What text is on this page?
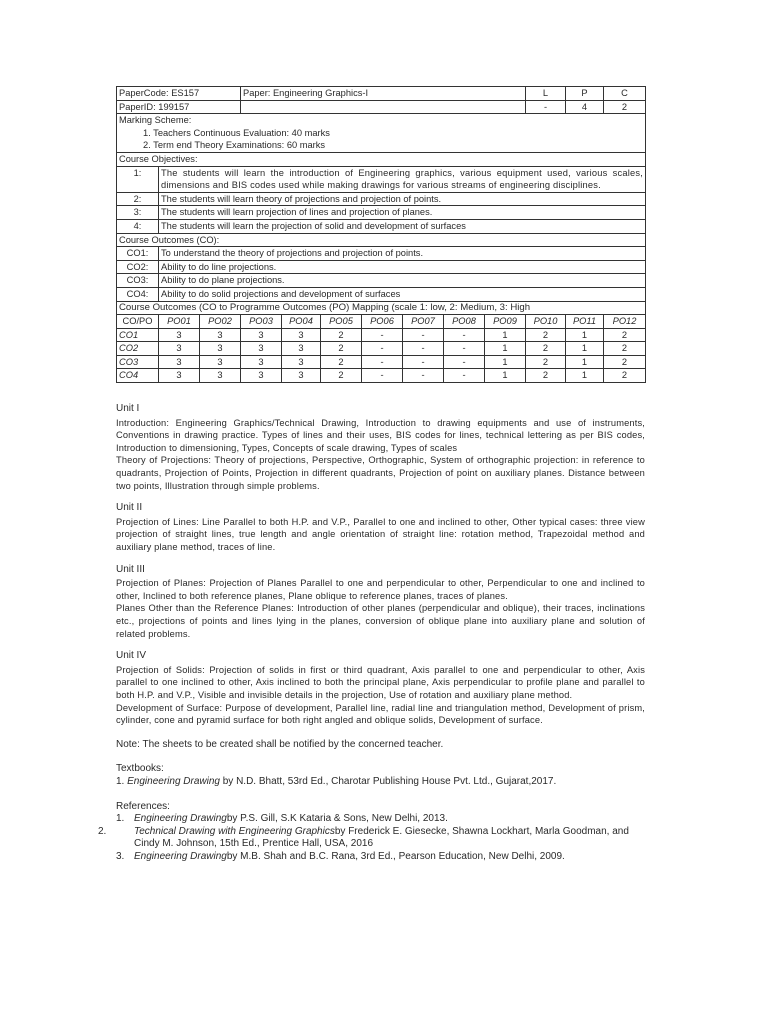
PaperCode: ES157			Paper: Engineering Graphics-I							L	P	C
PaperID: 199157										-	4	2

Marking Scheme:
1. Teachers Continuous Evaluation: 40 marks
2. Term end Theory Examinations: 60 marks												

Course Objectives:												
1:	The students will learn the introduction of Engineering graphics, various equipment used, various scales, dimensions and BIS codes used while making drawings for various streams of engineering disciplines.											
2:	The students will learn theory of projections and projection of points.											
3:	The students will learn projection of lines and projection of planes.											
4:	The students will learn the projection of solid and development of surfaces											
Course Outcomes (CO):												
CO1:	To understand the theory of projections and projection of points.											
CO2:	Ability to do line projections.											
CO3:	Ability to do plane projections.											
CO4:	Ability to do solid projections and development of surfaces											
Course Outcomes (CO to Programme Outcomes (PO) Mapping (scale 1: low, 2: Medium, 3: High												
CO/PO	PO01	PO02	PO03	PO04	PO05	PO06	PO07	PO08	PO09	PO10	PO11	PO12
CO1	3	3	3	3	2	-	-	-	1	2	1	2
CO2	3	3	3	3	2	-	-	-	1	2	1	2
CO3	3	3	3	3	2	-	-	-	1	2	1	2
CO4	3	3	3	3	2	-	-	-	1	2	1	2
Unit I

Introduction: Engineering Graphics/Technical Drawing, Introduction to drawing equipments and use of instruments, Conventions in drawing practice. Types of lines and their uses, BIS codes for lines, technical lettering as per BIS codes, Introduction to dimensioning, Types, Concepts of scale drawing, Types of scales

Theory of Projections: Theory of projections, Perspective, Orthographic, System of orthographic projection: in reference to quadrants, Projection of Points, Projection in different quadrants, Projection of point on auxiliary planes. Distance between two points, Illustration through simple problems.

Unit II

Projection of Lines: Line Parallel to both H.P. and V.P., Parallel to one and inclined to other, Other typical cases: three view projection of straight lines, true length and angle orientation of straight line: rotation method, Trapezoidal method and auxiliary plane method, traces of line.

Unit III

Projection of Planes: Projection of Planes Parallel to one and perpendicular to other, Perpendicular to one and inclined to other, Inclined to both reference planes, Plane oblique to reference planes, traces of planes.

Planes Other than the Reference Planes: Introduction of other planes (perpendicular and oblique), their traces, inclinations etc., projections of points and lines lying in the planes, conversion of oblique plane into auxiliary plane and solution of related problems.

Unit IV

Projection of Solids: Projection of solids in first or third quadrant, Axis parallel to one and perpendicular to other, Axis parallel to one inclined to other, Axis inclined to both the principal plane, Axis perpendicular to profile plane and parallel to both H.P. and V.P., Visible and invisible details in the projection, Use of rotation and auxiliary plane method.

Development of Surface: Purpose of development, Parallel line, radial line and triangulation method, Development of prism, cylinder, cone and pyramid surface for both right angled and oblique solids, Development of surface.

Note: The sheets to be created shall be notified by the concerned teacher.
Textbooks:

1. Engineering Drawing by N.D. Bhatt, 53rd Ed., Charotar Publishing House Pvt. Ltd., Gujarat,2017.

References:

1. Engineering Drawingby P.S. Gill, S.K Kataria & Sons, New Delhi, 2013.

2.	Technical Drawing with Engineering Graphicsby Frederick E. Giesecke, Shawna Lockhart, Marla Goodman, and Cindy M. Johnson, 15th Ed., Prentice Hall, USA, 2016

3. Engineering Drawingby M.B. Shah and B.C. Rana, 3rd Ed., Pearson Education, New Delhi, 2009.
